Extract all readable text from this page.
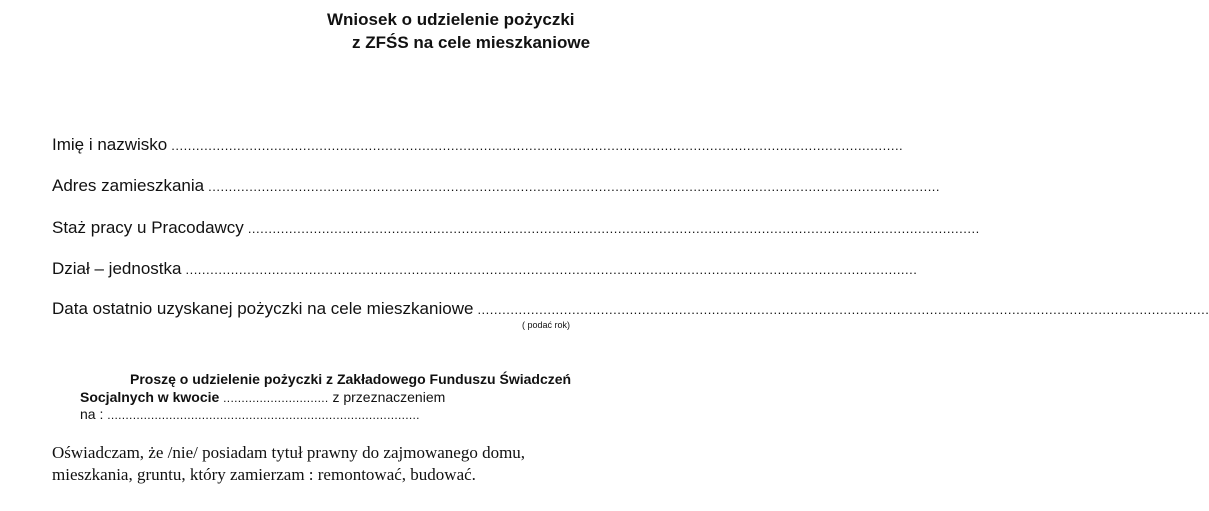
Wniosek o udzielenie pożyczki
z ZFŚS na cele mieszkaniowe
Imię i nazwisko ..................................................................................................................................................................................
Adres zamieszkania ..................................................................................................................................................................................
Staż pracy u Pracodawcy ..................................................................................................................................................................................
Dział – jednostka ..................................................................................................................................................................................
Data ostatnio uzyskanej pożyczki na cele mieszkaniowe ..................................................................................................................................................................................
( podać rok)
Proszę o udzielenie pożyczki z Zakładowego Funduszu Świadczeń
Socjalnych w kwocie ............................. z przeznaczeniem
na : ......................................................................................
Oświadczam, że /nie/ posiadam tytuł prawny do zajmowanego domu,
mieszkania, gruntu, który zamierzam : remontować, budować.
